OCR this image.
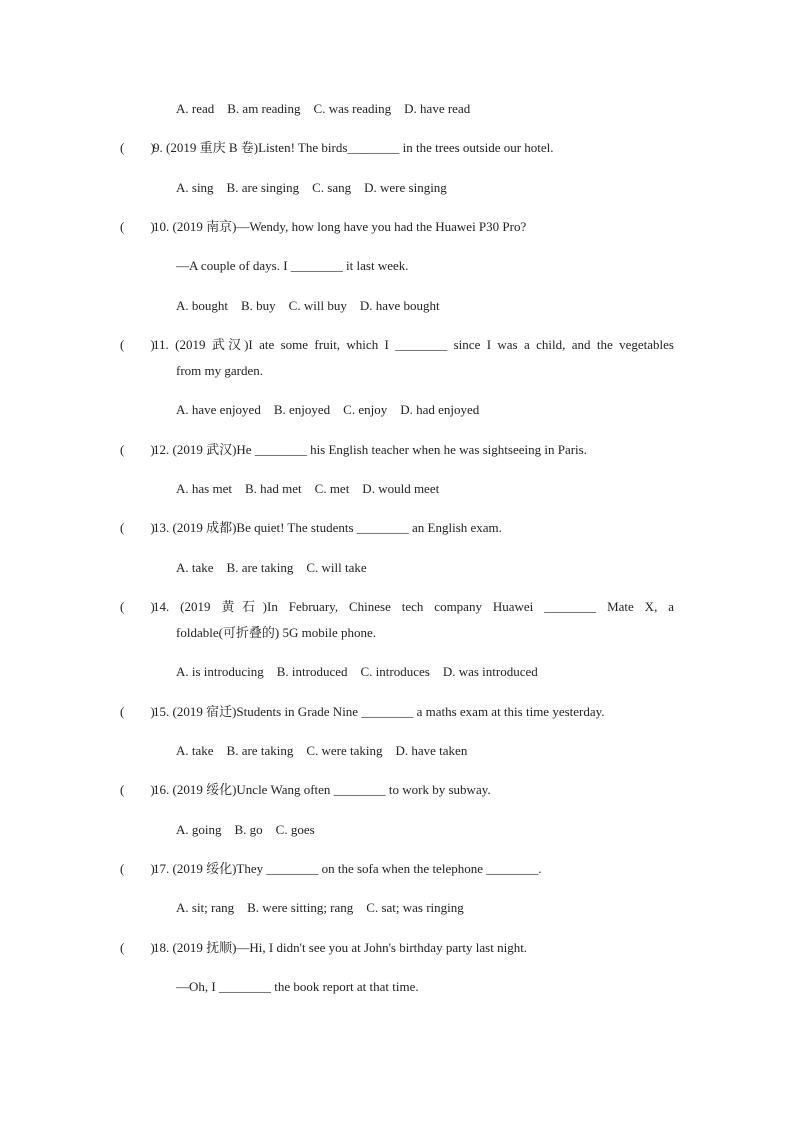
A. read    B. am reading    C. was reading    D. have read
(        )
9. (2019 重庆 B 卷)Listen! The birds________ in the trees outside our hotel.
A. sing    B. are singing    C. sang    D. were singing
(        )
10. (2019 南京)—Wendy, how long have you had the Huawei P30 Pro?
—A couple of days. I ________ it last week.
A. bought    B. buy    C. will buy    D. have bought
(        )
11. (2019 武汉)I ate some fruit, which I ________ since I was a child, and the vegetables
from my garden.
A. have enjoyed    B. enjoyed    C. enjoy    D. had enjoyed
(        )
12. (2019 武汉)He ________ his English teacher when he was sightseeing in Paris.
A. has met    B. had met    C. met    D. would meet
(        )
13. (2019 成都)Be quiet! The students ________ an English exam.
A. take    B. are taking    C. will take
(        )
14. (2019 黄石)In February, Chinese tech company Huawei ________ Mate X, a
foldable(可折叠的) 5G mobile phone.
A. is introducing    B. introduced    C. introduces    D. was introduced
(        )
15. (2019 宿迁)Students in Grade Nine ________ a maths exam at this time yesterday.
A. take    B. are taking    C. were taking    D. have taken
(        )
16. (2019 绥化)Uncle Wang often ________ to work by subway.
A. going    B. go    C. goes
(        )
17. (2019 绥化)They ________ on the sofa when the telephone ________.
A. sit; rang    B. were sitting; rang    C. sat; was ringing
(        )
18. (2019 抚顺)—Hi, I didn't see you at John's birthday party last night.
—Oh, I ________ the book report at that time.
